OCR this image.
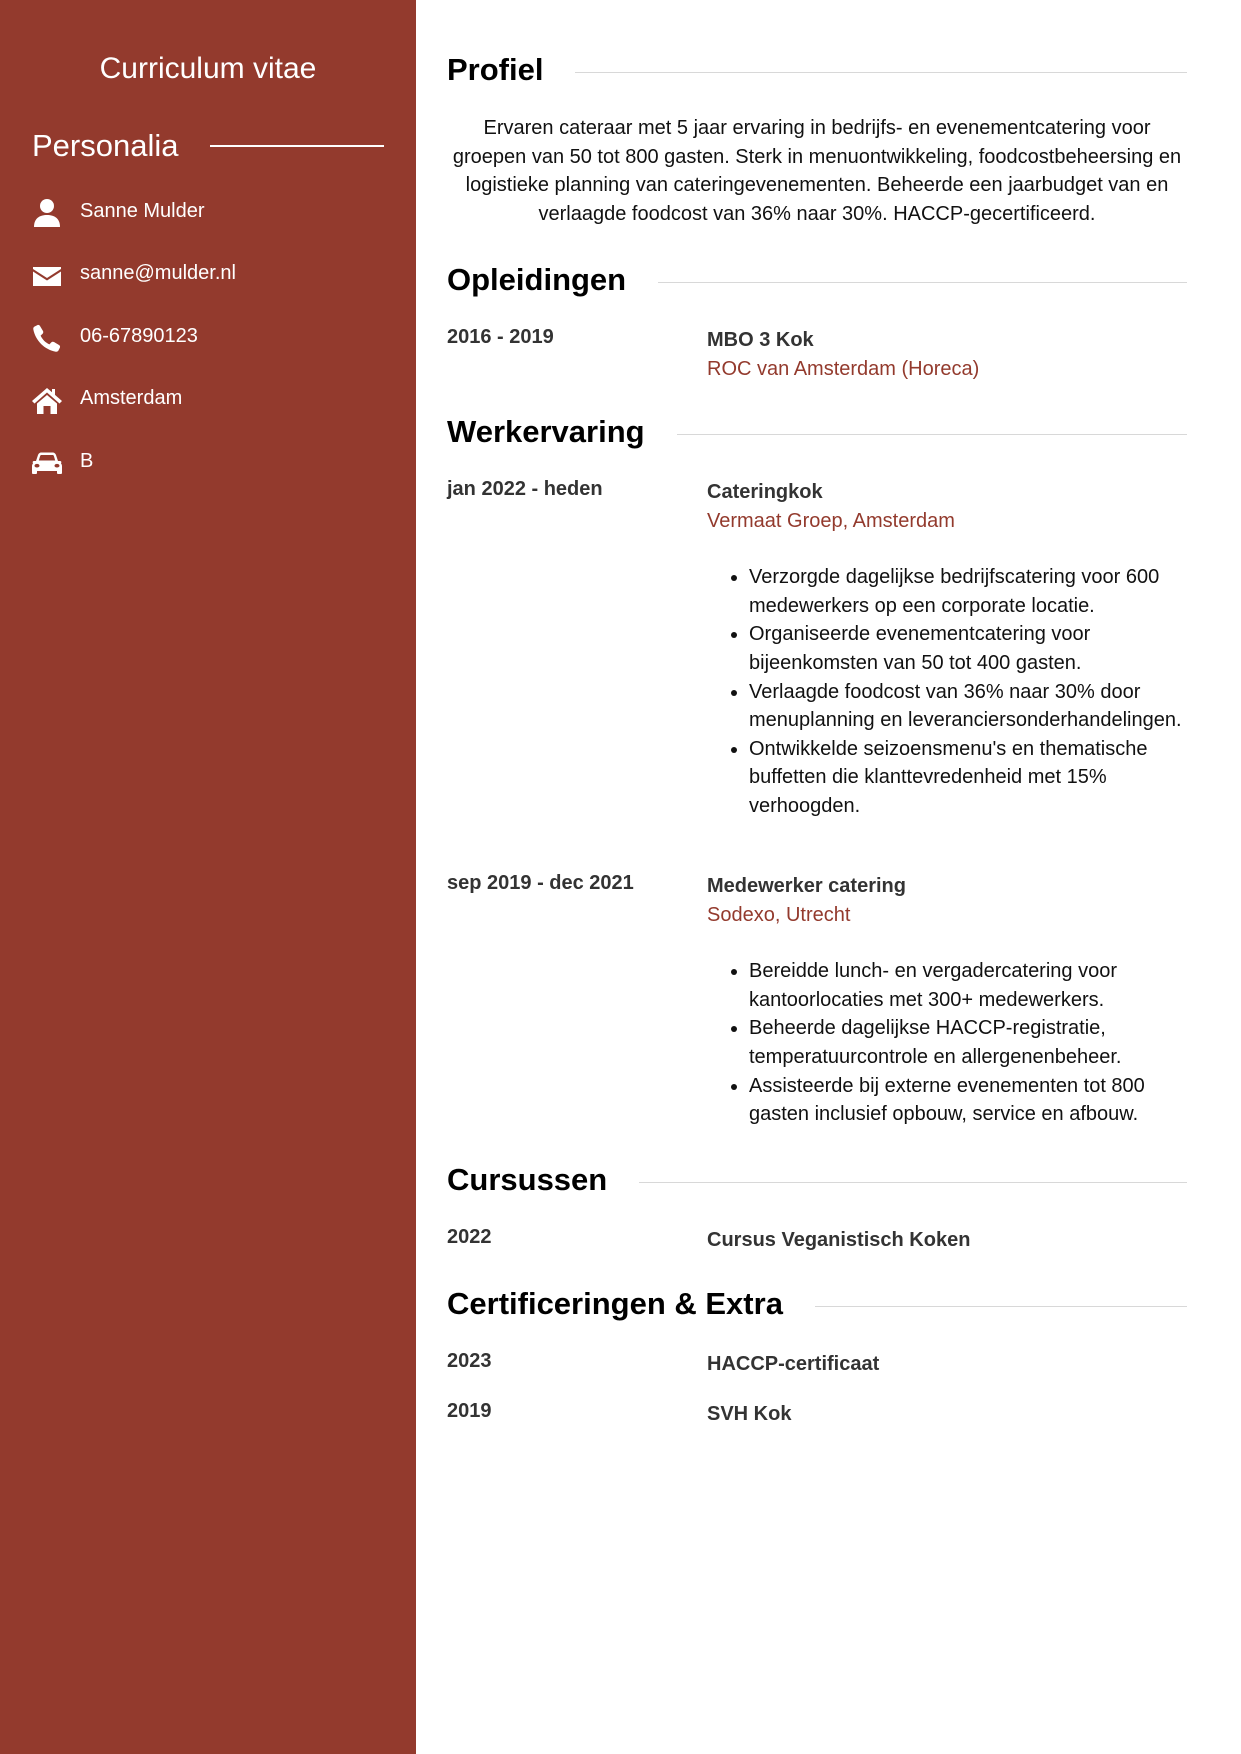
Curriculum vitae
Personalia
Sanne Mulder
sanne@mulder.nl
06-67890123
Amsterdam
B
Profiel

Ervaren cateraar met 5 jaar ervaring in bedrijfs- en evenementcatering voor groepen van 50 tot 800 gasten. Sterk in menuontwikkeling, foodcostbeheersing en logistieke planning van cateringevenementen. Beheerde een jaarbudget van en verlaagde foodcost van 36% naar 30%. HACCP-gecertificeerd.

Opleidingen
2016 - 2019	MBO 3 Kok
ROC van Amsterdam (Horeca)
Werkervaring
jan 2022 - heden	Cateringkok
Vermaat Groep, Amsterdam
• Verzorgde dagelijkse bedrijfscatering voor 600 medewerkers op een corporate locatie.
• Organiseerde evenementcatering voor bijeenkomsten van 50 tot 400 gasten.
• Verlaagde foodcost van 36% naar 30% door menuplanning en leveranciersonderhandelingen.
• Ontwikkelde seizoensmenu's en thematische buffetten die klanttevredenheid met 15% verhoogden.
sep 2019 - dec 2021	Medewerker catering
Sodexo, Utrecht
• Bereidde lunch- en vergadercatering voor kantoorlocaties met 300+ medewerkers.
• Beheerde dagelijkse HACCP-registratie, temperatuurcontrole en allergenenbeheer.
• Assisteerde bij externe evenementen tot 800 gasten inclusief opbouw, service en afbouw.
Cursussen
2022	Cursus Veganistisch Koken
Certificeringen & Extra
2023	HACCP-certificaat
2019	SVH Kok
